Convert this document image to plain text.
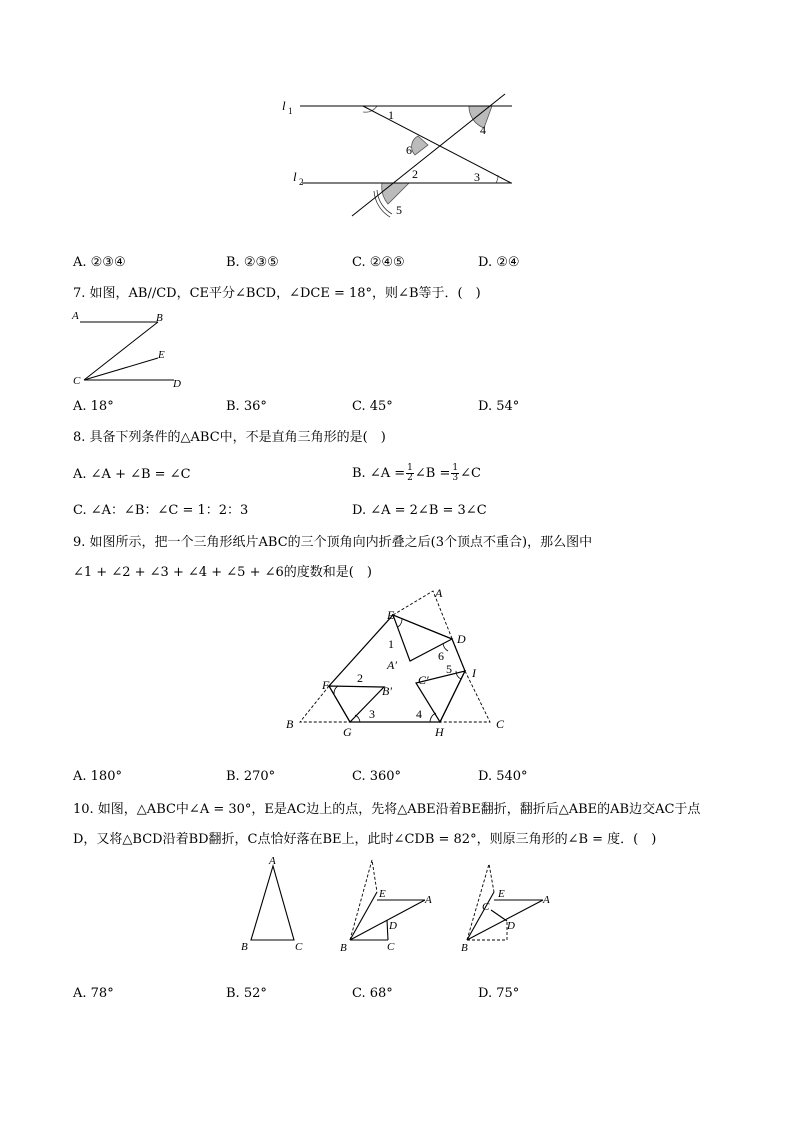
l 1
l 2
1
4
6
2	3
5
A. ②③④	B. ②③⑤	C. ②④⑤	D. ②④
7. 如图，AB//CD，CE平分∠BCD，∠DCE = 18°，则∠B等于．(　)
A	B
E
C	D
A. 18°	B. 36°	C. 45°	D. 54°
8. 具备下列条件的△ABC中，不是直角三角形的是(　)
A. ∠A + ∠B = ∠C	B. ∠A = $\frac{1}{2}$ ∠B = $\frac{1}{3}$ ∠C
C. ∠A：∠B：∠C = 1：2：3	D. ∠A = 2∠B = 3∠C
9. 如图所示，把一个三角形纸片ABC的三个顶角向内折叠之后(3个顶点不重合)，那么图中
∠1 + ∠2 + ∠3 + ∠4 + ∠5 + ∠6的度数和是(　)
A
E
D
I
F
B
G	H
C
A′
B′
C′
1
6
2
5
3	4
A. 180°	B. 270°	C. 360°	D. 540°
10. 如图，△ABC中∠A = 30°，E是AC边上的点，先将△ABE沿着BE翻折，翻折后△ABE的AB边交AC于点
D，又将△BCD沿着BD翻折，C点恰好落在BE上，此时∠CDB = 82°，则原三角形的∠B = 度．(　)
A
B	C
E	A
D
B	C
E
C
A
D
B
A. 78°	B. 52°	C. 68°	D. 75°
